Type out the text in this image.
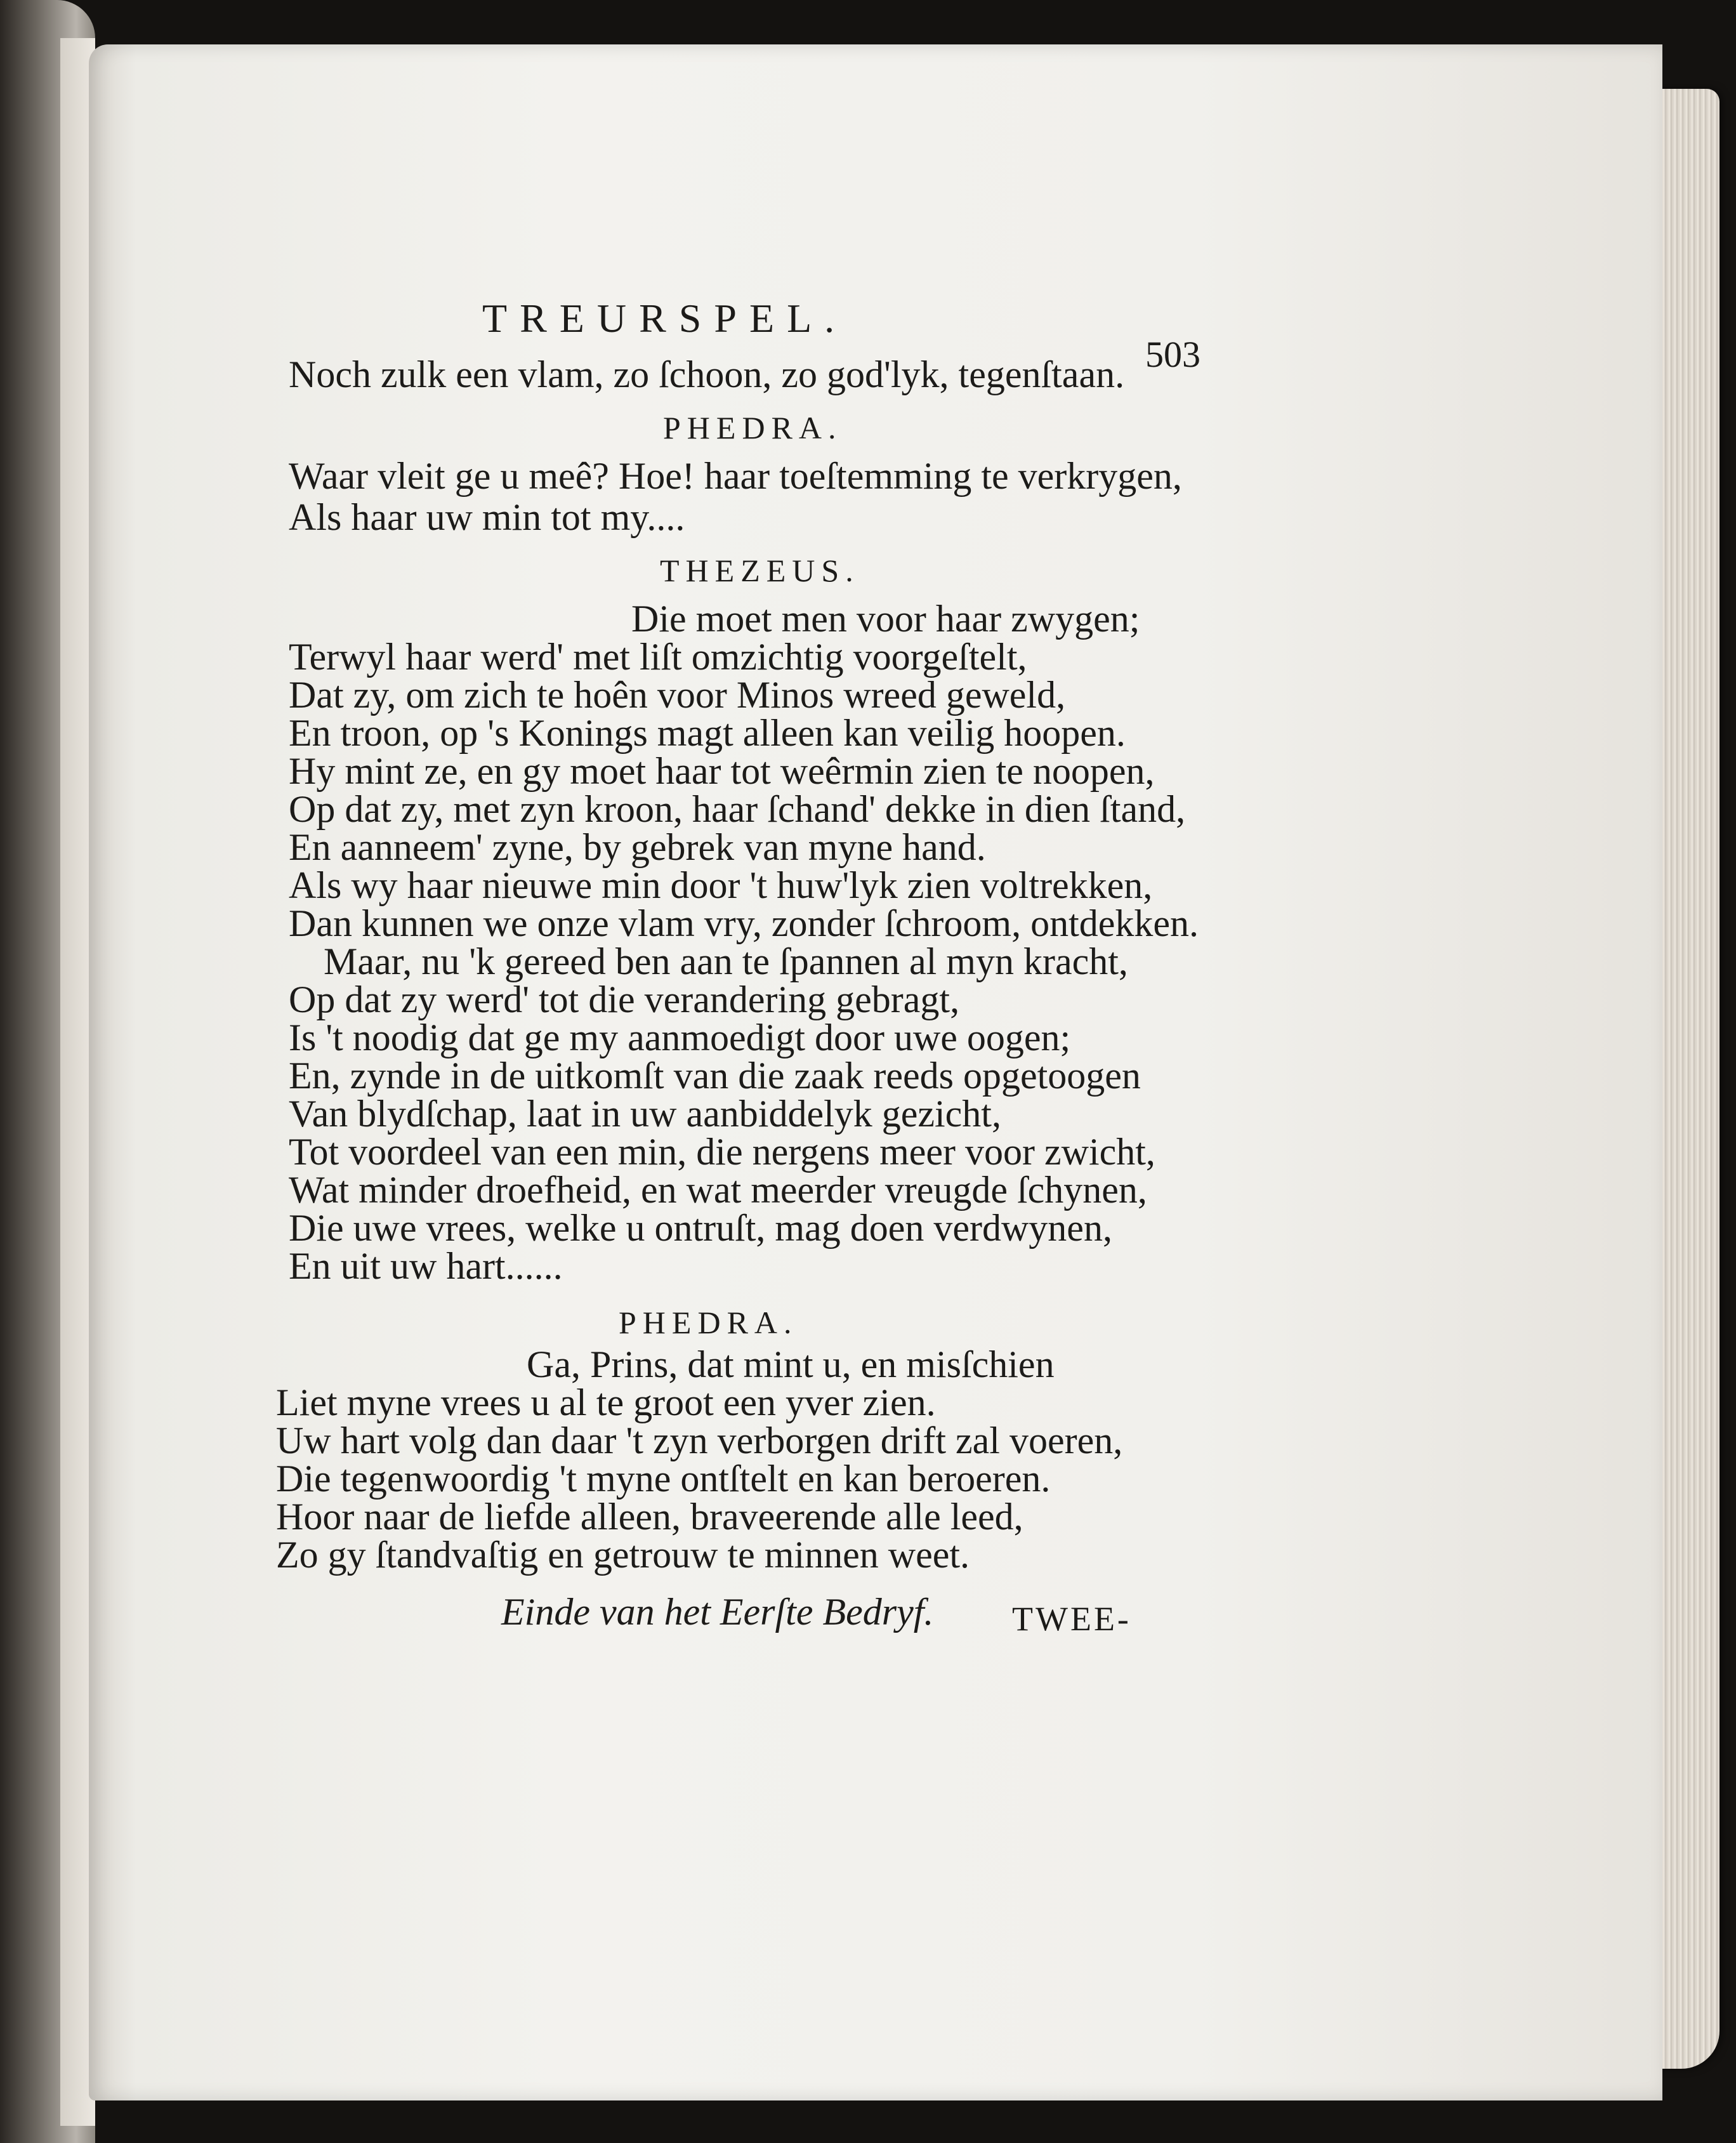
TREURSPEL.
503
Noch zulk een vlam, zo ſchoon, zo god'lyk, tegenſtaan.
PHEDRA.
Waar vleit ge u meê? Hoe! haar toeſtemming te verkrygen,
Als haar uw min tot my....
THEZEUS.
Die moet men voor haar zwygen;
Terwyl haar werd' met liſt omzichtig voorgeſtelt,
Dat zy, om zich te hoên voor Minos wreed geweld,
En troon, op 's Konings magt alleen kan veilig hoopen.
Hy mint ze, en gy moet haar tot weêrmin zien te noopen,
Op dat zy, met zyn kroon, haar ſchand' dekke in dien ſtand,
En aanneem' zyne, by gebrek van myne hand.
Als wy haar nieuwe min door 't huw'lyk zien voltrekken,
Dan kunnen we onze vlam vry, zonder ſchroom, ontdekken.
Maar, nu 'k gereed ben aan te ſpannen al myn kracht,
Op dat zy werd' tot die verandering gebragt,
Is 't noodig dat ge my aanmoedigt door uwe oogen;
En, zynde in de uitkomſt van die zaak reeds opgetoogen
Van blydſchap, laat in uw aanbiddelyk gezicht,
Tot voordeel van een min, die nergens meer voor zwicht,
Wat minder droefheid, en wat meerder vreugde ſchynen,
Die uwe vrees, welke u ontruſt, mag doen verdwynen,
En uit uw hart......
PHEDRA.
Ga, Prins, dat mint u, en misſchien
Liet myne vrees u al te groot een yver zien.
Uw hart volg dan daar 't zyn verborgen drift zal voeren,
Die tegenwoordig 't myne ontſtelt en kan beroeren.
Hoor naar de liefde alleen, braveerende alle leed,
Zo gy ſtandvaſtig en getrouw te minnen weet.
Einde van het Eerſte Bedryf. TWEE-
